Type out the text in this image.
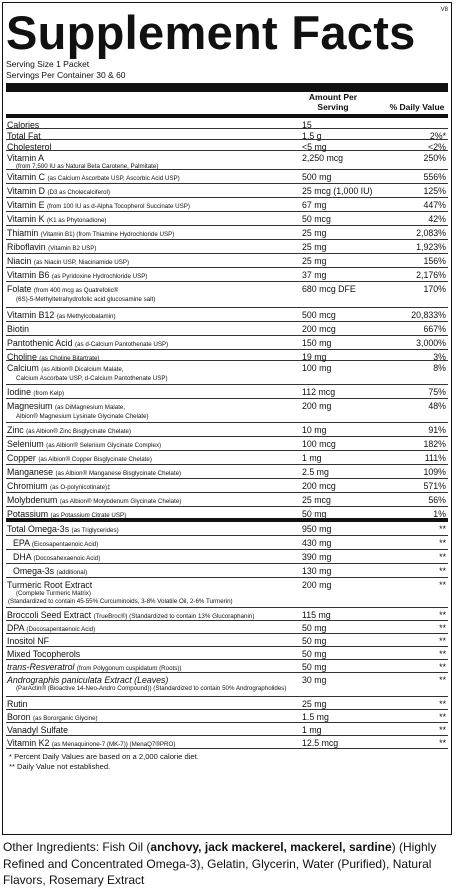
V8
Supplement Facts
Serving Size 1 Packet
Servings Per Container 30 & 60
Amount Per Serving	% Daily Value
Calories	15
Total Fat	1.5 g	2%*
Cholesterol	<5 mg	<2%
Vitamin A
(from 7,500 IU as Natural Beta Carotene, Palmitate)
2,250 mcg	250%
Vitamin C (as Calcium Ascorbate USP, Ascorbic Acid USP)	500 mg	556%
Vitamin D (D3 as Cholecalciferol)	25 mcg (1,000 IU)	125%
Vitamin E (from 100 IU as d-Alpha Tocopherol Succinate USP)	67 mg	447%
Vitamin K (K1 as Phytonadione)	50 mcg	42%
Thiamin (Vitamin B1) (from Thiamine Hydrochloride USP)	25 mg	2,083%
Riboflavin (Vitamin B2 USP)	25 mg	1,923%
Niacin (as Niacin USP, Niacinamide USP)	25 mg	156%
Vitamin B6 (as Pyridoxine Hydrochloride USP)	37 mg	2,176%
Folate (from 400 mcg as Quatrefolic®
(6S)-5-Methyltetrahydrofolic acid glucosamine salt)
680 mcg DFE	170%
Vitamin B12 (as Methylcobalamin)	500 mcg	20,833%
Biotin	200 mcg	667%
Pantothenic Acid (as d-Calcium Pantothenate USP)	150 mg	3,000%
Choline (as Choline Bitartrate)	19 mg	3%
Calcium (as Albion® Dicalcium Malate,
Calcium Ascorbate USP, d-Calcium Pantothenate USP)
100 mg	8%
Iodine (from Kelp)	112 mcg	75%
Magnesium (as DiMagnesium Malate,
Albion® Magnesium Lysinate Glycinate Chelate)
200 mg	48%
Zinc (as Albion® Zinc Bisglycinate Chelate)	10 mg	91%
Selenium (as Albion® Selenium Glycinate Complex)	100 mcg	182%
Copper (as Albion® Copper Bisglycinate Chelate)	1 mg	111%
Manganese (as Albion® Manganese Bisglycinate Chelate)	2.5 mg	109%
Chromium (as O-polynicotinate)‡	200 mcg	571%
Molybdenum (as Albion® Molybdenum Glycinate Chelate)	25 mcg	56%
Potassium (as Potassium Citrate USP)	50 mg	1%
Total Omega-3s (as Triglycerides)	950 mg	**
EPA (Eicosapentaenoic Acid)	430 mg	**
DHA (Docosahexaenoic Acid)	390 mg	**
Omega-3s (additional)	130 mg	**
Turmeric Root Extract
(Complete Turmeric Matrix)
(Standardized to contain 45-55% Curcuminoids, 3-8% Volatile Oil, 2-6% Turmerin)
200 mg	**
Broccoli Seed Extract (TrueBroc®) (Standardized to contain 13% Glucoraphanin)	115 mg	**
DPA (Docosapentaenoic Acid)	50 mg	**
Inositol NF	50 mg	**
Mixed Tocopherols	50 mg	**
trans-Resveratrol (from Polygonum cuspidatum (Roots))	50 mg	**
Andrographis paniculata Extract (Leaves)
(ParActin® (Bioactive 14-Neo-Andro Compound)) (Standardized to contain 50% Andrographolides)
30 mg	**
Rutin	25 mg	**
Boron (as Bororganic Glycine)	1.5 mg	**
Vanadyl Sulfate	1 mg	**
Vitamin K2 (as Menaquinone-7 (MK-7)) (MenaQ7®PRO)	12.5 mcg	**
* Percent Daily Values are based on a 2,000 calorie diet.
** Daily Value not established.
Other Ingredients: Fish Oil (anchovy, jack mackerel, mackerel, sardine) (Highly Refined and Concentrated Omega-3), Gelatin, Glycerin, Water (Purified), Natural Flavors, Rosemary Extract
